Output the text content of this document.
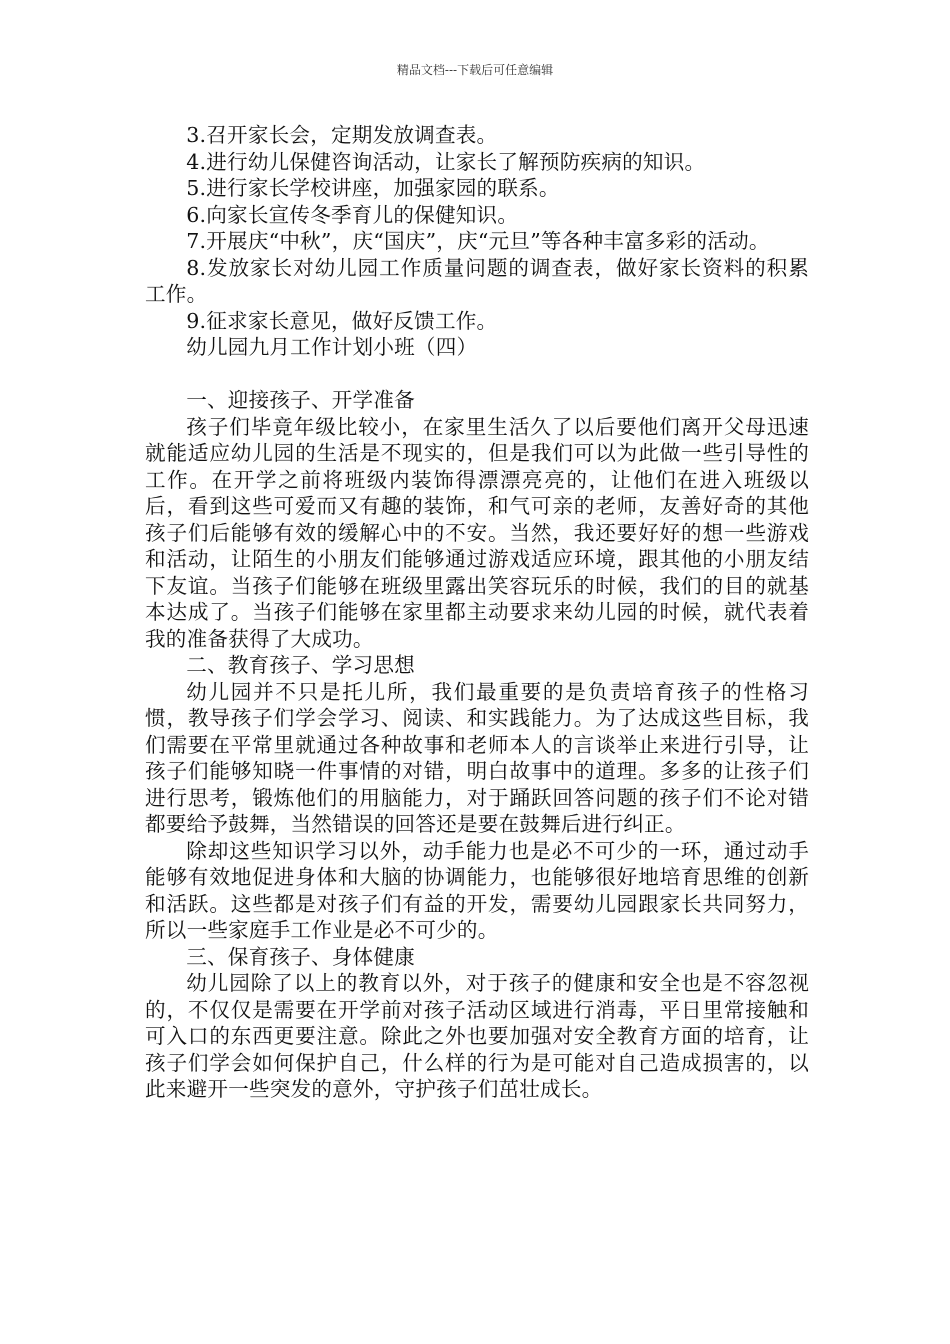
精品文档---下载后可任意编辑

3.召开家长会，定期发放调查表。

4.进行幼儿保健咨询活动，让家长了解预防疾病的知识。

5.进行家长学校讲座，加强家园的联系。

6.向家长宣传冬季育儿的保健知识。

7.开展庆“中秋”，庆“国庆”，庆“元旦”等各种丰富多彩的活动。

8.发放家长对幼儿园工作质量问题的调查表，做好家长资料的积累工作。

9.征求家长意见，做好反馈工作。

幼儿园九月工作计划小班（四）

一、迎接孩子、开学准备

孩子们毕竟年级比较小，在家里生活久了以后要他们离开父母迅速就能适应幼儿园的生活是不现实的，但是我们可以为此做一些引导性的工作。在开学之前将班级内装饰得漂漂亮亮的，让他们在进入班级以后，看到这些可爱而又有趣的装饰，和气可亲的老师，友善好奇的其他孩子们后能够有效的缓解心中的不安。当然，我还要好好的想一些游戏和活动，让陌生的小朋友们能够通过游戏适应环境，跟其他的小朋友结下友谊。当孩子们能够在班级里露出笑容玩乐的时候，我们的目的就基本达成了。当孩子们能够在家里都主动要求来幼儿园的时候，就代表着我的准备获得了大成功。

二、教育孩子、学习思想

幼儿园并不只是托儿所，我们最重要的是负责培育孩子的性格习惯，教导孩子们学会学习、阅读、和实践能力。为了达成这些目标，我们需要在平常里就通过各种故事和老师本人的言谈举止来进行引导，让孩子们能够知晓一件事情的对错，明白故事中的道理。多多的让孩子们进行思考，锻炼他们的用脑能力，对于踊跃回答问题的孩子们不论对错都要给予鼓舞，当然错误的回答还是要在鼓舞后进行纠正。

除却这些知识学习以外，动手能力也是必不可少的一环，通过动手能够有效地促进身体和大脑的协调能力，也能够很好地培育思维的创新和活跃。这些都是对孩子们有益的开发，需要幼儿园跟家长共同努力，所以一些家庭手工作业是必不可少的。

三、保育孩子、身体健康

幼儿园除了以上的教育以外，对于孩子的健康和安全也是不容忽视的，不仅仅是需要在开学前对孩子活动区域进行消毒，平日里常接触和可入口的东西更要注意。除此之外也要加强对安全教育方面的培育，让孩子们学会如何保护自己，什么样的行为是可能对自己造成损害的，以此来避开一些突发的意外，守护孩子们茁壮成长。
